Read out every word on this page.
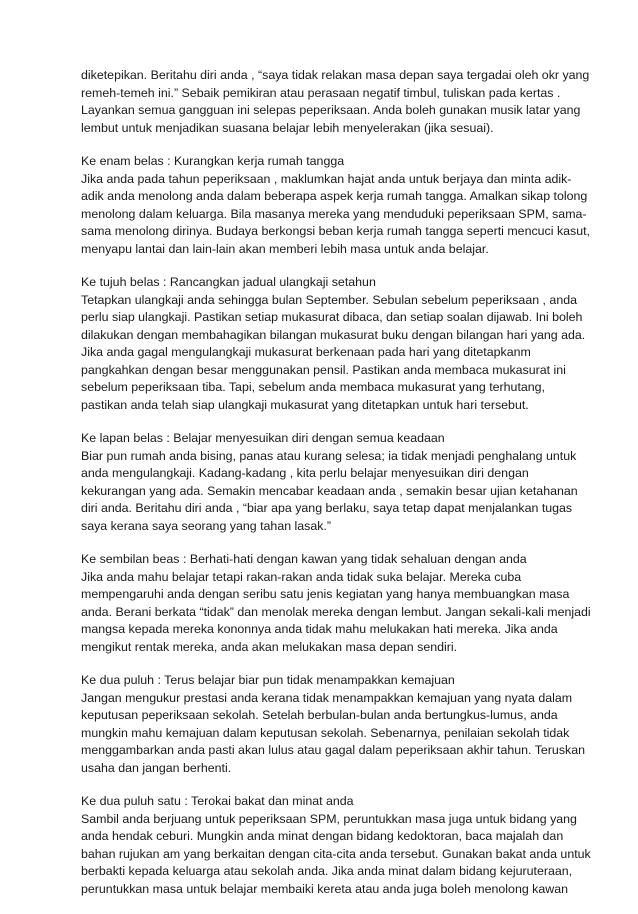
diketepikan. Beritahu diri anda , “saya tidak relakan masa depan saya tergadai oleh okr yang
remeh-temeh ini.” Sebaik pemikiran atau perasaan negatif timbul, tuliskan pada kertas .
Layankan semua gangguan ini selepas peperiksaan. Anda boleh gunakan musik latar yang
lembut untuk menjadikan suasana belajar lebih menyelerakan (jika sesuai).
Ke enam belas : Kurangkan kerja rumah tangga
Jika anda pada tahun peperiksaan , maklumkan hajat anda untuk berjaya dan minta adik-
adik anda menolong anda dalam beberapa aspek kerja rumah tangga. Amalkan sikap tolong
menolong dalam keluarga. Bila masanya mereka yang menduduki peperiksaan SPM, sama-
sama menolong dirinya. Budaya berkongsi beban kerja rumah tangga seperti mencuci kasut,
menyapu lantai dan lain-lain akan memberi lebih masa untuk anda belajar.
Ke tujuh belas : Rancangkan jadual ulangkaji setahun
Tetapkan ulangkaji anda sehingga bulan September. Sebulan sebelum peperiksaan , anda
perlu siap ulangkaji. Pastikan setiap mukasurat dibaca, dan setiap soalan dijawab. Ini boleh
dilakukan dengan membahagikan bilangan mukasurat buku dengan bilangan hari yang ada.
Jika anda gagal mengulangkaji mukasurat berkenaan pada hari yang ditetapkanm
pangkahkan dengan besar menggunakan pensil. Pastikan anda membaca mukasurat ini
sebelum peperiksaan tiba. Tapi, sebelum anda membaca mukasurat yang terhutang,
pastikan anda telah siap ulangkaji mukasurat yang ditetapkan untuk hari tersebut.
Ke lapan belas : Belajar menyesuikan diri dengan semua keadaan
Biar pun rumah anda bising, panas atau kurang selesa; ia tidak menjadi penghalang untuk
anda mengulangkaji. Kadang-kadang , kita perlu belajar menyesuikan diri dengan
kekurangan yang ada. Semakin mencabar keadaan anda , semakin besar ujian ketahanan
diri anda. Beritahu diri anda , “biar apa yang berlaku, saya tetap dapat menjalankan tugas
saya kerana saya seorang yang tahan lasak.”
Ke sembilan beas : Berhati-hati dengan kawan yang tidak sehaluan dengan anda
Jika anda mahu belajar tetapi rakan-rakan anda tidak suka belajar. Mereka cuba
mempengaruhi anda dengan seribu satu jenis kegiatan yang hanya membuangkan masa
anda. Berani berkata “tidak” dan menolak mereka dengan lembut. Jangan sekali-kali menjadi
mangsa kepada mereka kononnya anda tidak mahu melukakan hati mereka. Jika anda
mengikut rentak mereka, anda akan melukakan masa depan sendiri.
Ke dua puluh : Terus belajar biar pun tidak menampakkan kemajuan
Jangan mengukur prestasi anda kerana tidak menampakkan kemajuan yang nyata dalam
keputusan peperiksaan sekolah. Setelah berbulan-bulan anda bertungkus-lumus, anda
mungkin mahu kemajuan dalam keputusan sekolah. Sebenarnya, penilaian sekolah tidak
menggambarkan anda pasti akan lulus atau gagal dalam peperiksaan akhir tahun. Teruskan
usaha dan jangan berhenti.
Ke dua puluh satu : Terokai bakat dan minat anda
Sambil anda berjuang untuk peperiksaan SPM, peruntukkan masa juga untuk bidang yang
anda hendak ceburi. Mungkin anda minat dengan bidang kedoktoran, baca majalah dan
bahan rujukan am yang berkaitan dengan cita-cita anda tersebut. Gunakan bakat anda untuk
berbakti kepada keluarga atau sekolah anda. Jika anda minat dalam bidang kejuruteraan,
peruntukkan masa untuk belajar membaiki kereta atau anda juga boleh menolong kawan
